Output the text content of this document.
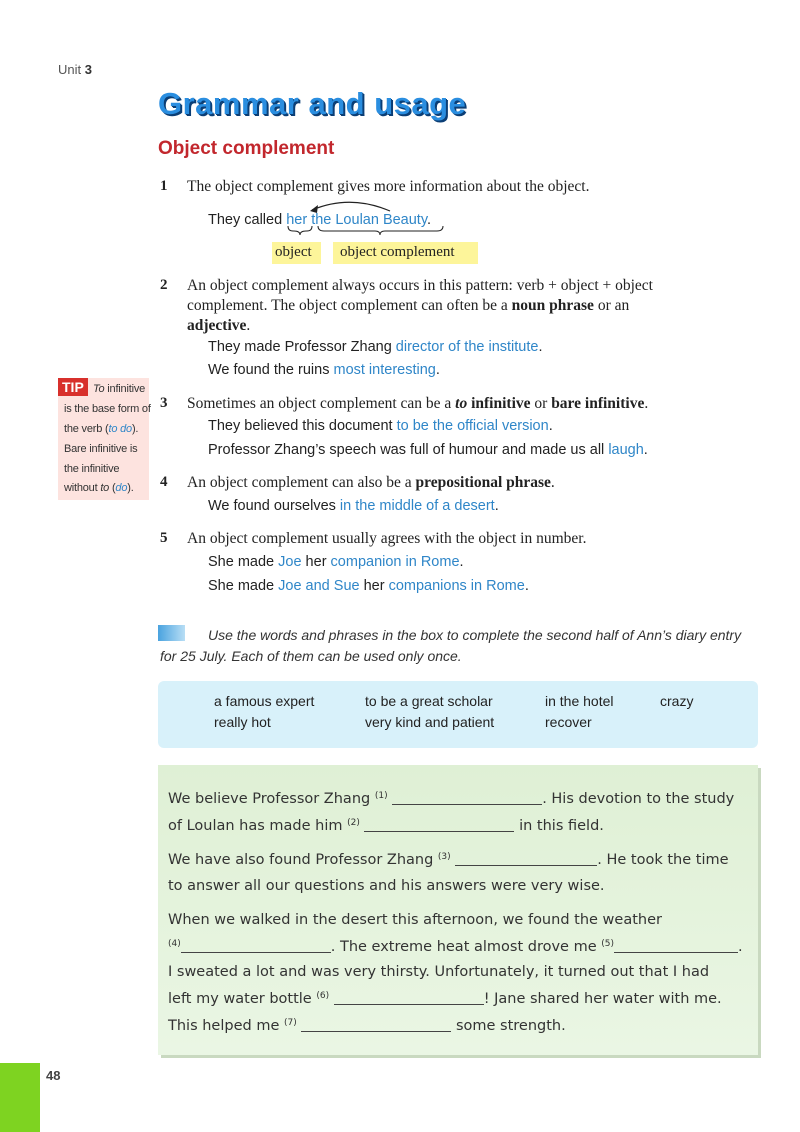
Unit 3
Grammar and usage
Object complement
1 The object complement gives more information about the object.
They called her the Loulan Beauty.
object object complement
2 An object complement always occurs in this pattern: verb + object + object
complement. The object complement can often be a noun phrase or an
adjective.
They made Professor Zhang director of the institute.
We found the ruins most interesting.
TIP To infinitive
is the base form of
the verb (to do).
Bare infinitive is
the infinitive
without to (do).
3 Sometimes an object complement can be a to infinitive or bare infinitive.
They believed this document to be the official version.
Professor Zhang’s speech was full of humour and made us all laugh.
4 An object complement can also be a prepositional phrase.
We found ourselves in the middle of a desert.
5 An object complement usually agrees with the object in number.
She made Joe her companion in Rome.
She made Joe and Sue her companions in Rome.
Use the words and phrases in the box to complete the second half of Ann’s diary entry for 25 July. Each of them can be used only once.
a famous expert	to be a great scholar	in the hotel	crazy
really hot	very kind and patient	recover
We believe Professor Zhang $^{(1)}$	. His devotion to the study
of Loulan has made him $^{(2)}$	in this field.
We have also found Professor Zhang $^{(3)}$	. He took the time
to answer all our questions and his answers were very wise.
When we walked in the desert this afternoon, we found the weather
$^{(4)}$	. The extreme heat almost drove me $^{(5)}$	.
I sweated a lot and was very thirsty. Unfortunately, it turned out that I had
left my water bottle $^{(6)}$	! Jane shared her water with me.
This helped me $^{(7)}$	some strength.
48
